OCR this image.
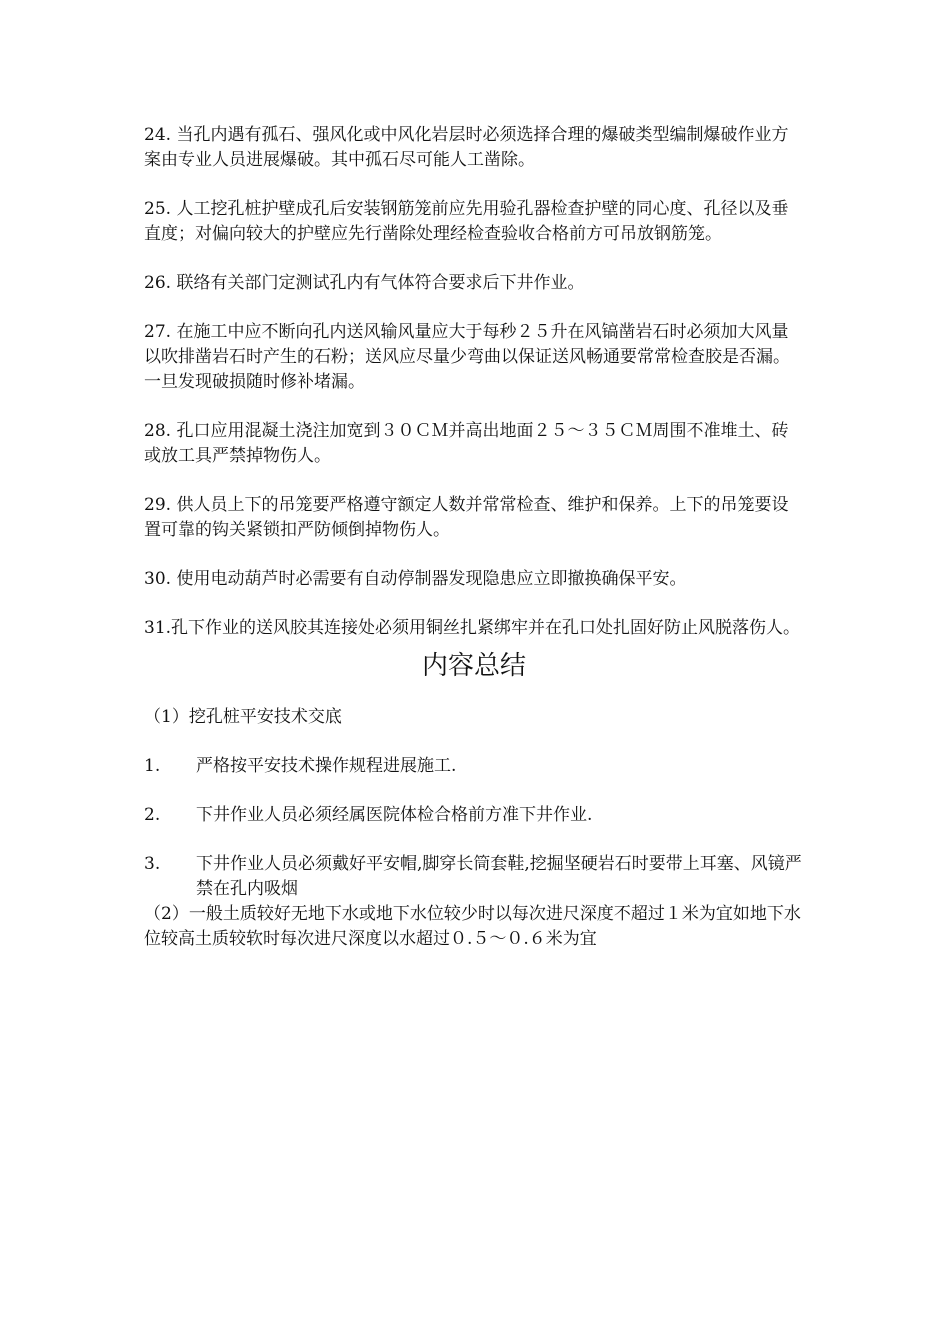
24. 当孔内遇有孤石、强风化或中风化岩层时必须选择合理的爆破类型编制爆破作业方案由专业人员进展爆破。其中孤石尽可能人工凿除。

25. 人工挖孔桩护壁成孔后安装钢筋笼前应先用验孔器检查护壁的同心度、孔径以及垂直度；对偏向较大的护壁应先行凿除处理经检查验收合格前方可吊放钢筋笼。

26. 联络有关部门定测试孔内有气体符合要求后下井作业。

27. 在施工中应不断向孔内送风输风量应大于每秒２５升在风镐凿岩石时必须加大风量以吹排凿岩石时产生的石粉；送风应尽量少弯曲以保证送风畅通要常常检查胶是否漏。一旦发现破损随时修补堵漏。

28. 孔口应用混凝土浇注加宽到３０ＣＭ并高出地面２５～３５ＣＭ周围不准堆土、砖或放工具严禁掉物伤人。

29. 供人员上下的吊笼要严格遵守额定人数并常常检查、维护和保养。上下的吊笼要设置可靠的钩关紧锁扣严防倾倒掉物伤人。

30. 使用电动葫芦时必需要有自动停制器发现隐患应立即撤换确保平安。

31.孔下作业的送风胶其连接处必须用铜丝扎紧绑牢并在孔口处扎固好防止风脱落伤人。

内容总结
（1）挖孔桩平安技术交底
1.	严格按平安技术操作规程进展施工.
2.	下井作业人员必须经属医院体检合格前方准下井作业.
3.	下井作业人员必须戴好平安帽,脚穿长筒套鞋,挖掘坚硬岩石时要带上耳塞、风镜严禁在孔内吸烟

（2）一般土质较好无地下水或地下水位较少时以每次进尺深度不超过１米为宜如地下水位较高土质较软时每次进尺深度以水超过０.５～０.６米为宜
